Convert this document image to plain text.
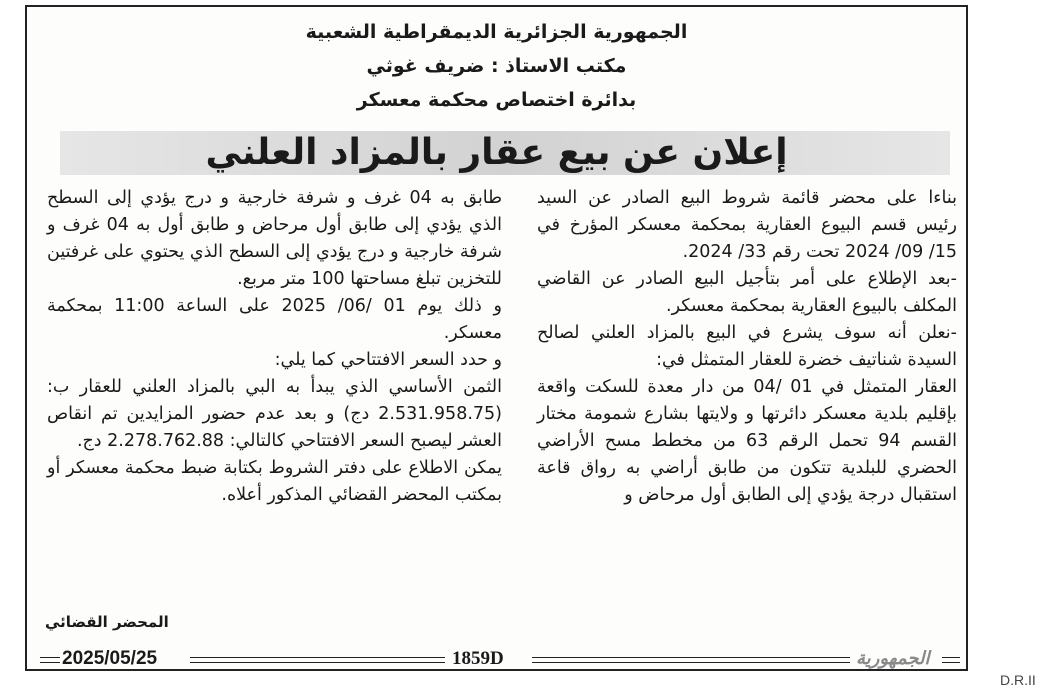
الجمهورية الجزائرية الديمقراطية الشعبية
مكتب الاستاذ : ضريف غوثي
بدائرة اختصاص محكمة معسكر
إعلان عن بيع عقار بالمزاد العلني
بناءا على محضر قائمة شروط البيع الصادر عن السيد رئيس قسم البيوع العقارية بمحكمة معسكر المؤرخ في 15/ 09/ 2024 تحت رقم 33/ 2024.
-بعد الإطلاع على أمر بتأجيل البيع الصادر عن القاضي المكلف بالبيوع العقارية بمحكمة معسكر.
-نعلن أنه سوف يشرع في البيع بالمزاد العلني لصالح السيدة شناتيف خضرة للعقار المتمثل في:
العقار المتمثل في 01 /04 من دار معدة للسكت واقعة بإقليم بلدية معسكر دائرتها و ولايتها بشارع شمومة مختار القسم 94 تحمل الرقم 63 من مخطط مسح الأراضي الحضري للبلدية تتكون من طابق أراضي به رواق قاعة استقبال درجة يؤدي إلى الطابق أول مرحاض و
طابق به 04 غرف و شرفة خارجية و درج يؤدي إلى السطح الذي يؤدي إلى طابق أول مرحاض و طابق أول به 04 غرف و شرفة خارجية و درج يؤدي إلى السطح الذي يحتوي على غرفتين للتخزين تبلغ مساحتها 100 متر مربع.
و ذلك يوم 01 /06/ 2025 على الساعة 11:00 بمحكمة معسكر.
و حدد السعر الافتتاحي كما يلي:
الثمن الأساسي الذي يبدأ به البي بالمزاد العلني للعقار ب: (2.531.958.75 دج) و بعد عدم حضور المزايدين تم انقاص العشر ليصبح السعر الافتتاحي كالتالي: 2.278.762.88 دج.
يمكن الاطلاع على دفتر الشروط بكتابة ضبط محكمة معسكر أو بمكتب المحضر القضائي المذكور أعلاه.
المحضر القضائي
2025/05/25	1859D	الجمهورية
D.R.II
